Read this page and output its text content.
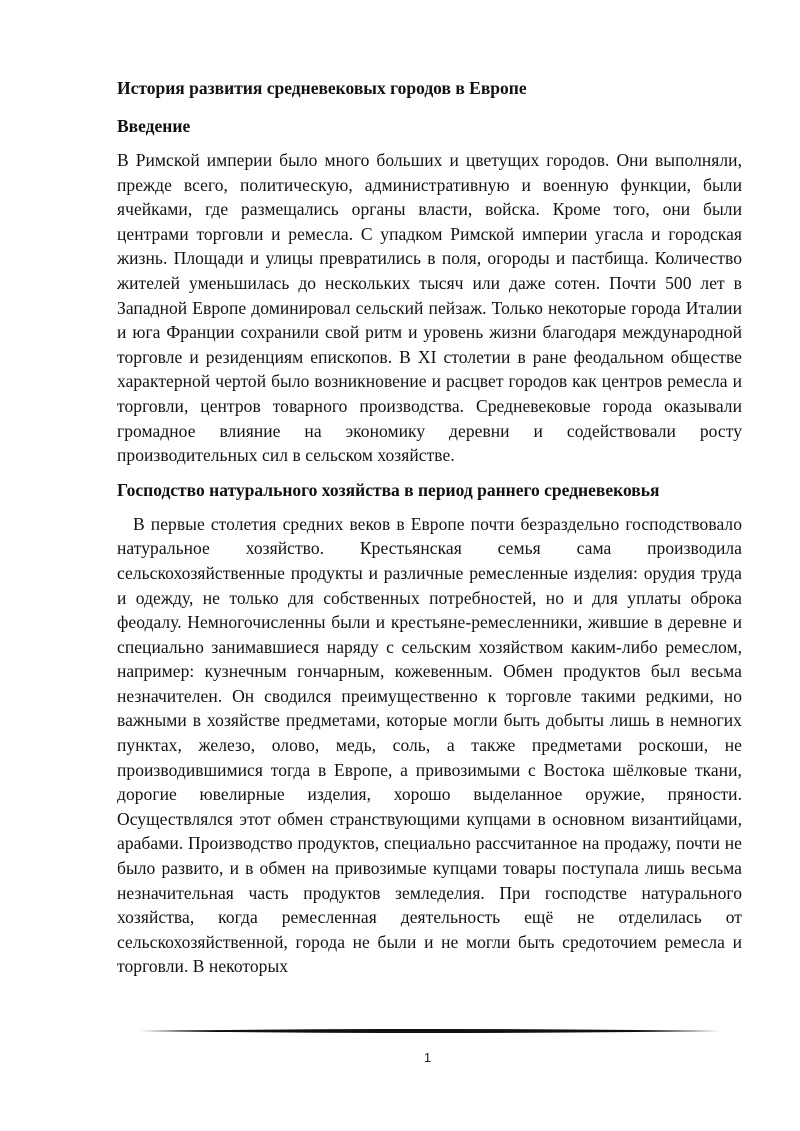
История развития средневековых городов в Европе
Введение

В Римской империи было много больших и цветущих городов. Они выполняли, прежде всего, политическую, административную и военную функции, были ячейками, где размещались органы власти, войска. Кроме того, они были центрами торговли и ремесла. С упадком Римской империи угасла и городская жизнь. Площади и улицы превратились в поля, огороды и пастбища. Количество жителей уменьшилась до нескольких тысяч или даже сотен. Почти 500 лет в Западной Европе доминировал сельский пейзаж. Только некоторые города Италии и юга Франции сохранили свой ритм и уровень жизни благодаря международной торговле и резиденциям епископов. В XI столетии в ране феодальном обществе характерной чертой было возникновение и расцвет городов как центров ремесла и торговли, центров товарного производства. Средневековые города оказывали громадное влияние на экономику деревни и содействовали росту производительных сил в сельском хозяйстве.

Господство натурального хозяйства в период раннего средневековья

В первые столетия средних веков в Европе почти безраздельно господствовало натуральное хозяйство. Крестьянская семья сама производила сельскохозяйственные продукты и различные ремесленные изделия: орудия труда и одежду, не только для собственных потребностей, но и для уплаты оброка феодалу. Немногочисленны были и крестьяне-ремесленники, жившие в деревне и специально занимавшиеся наряду с сельским хозяйством каким-либо ремеслом, например: кузнечным гончарным, кожевенным. Обмен продуктов был весьма незначителен. Он сводился преимущественно к торговле такими редкими, но важными в хозяйстве предметами, которые могли быть добыты лишь в немногих пунктах, железо, олово, медь, соль, а также предметами роскоши, не производившимися тогда в Европе, а привозимыми с Востока шёлковые ткани, дорогие ювелирные изделия, хорошо выделанное оружие, пряности. Осуществлялся этот обмен странствующими купцами в основном византийцами, арабами. Производство продуктов, специально рассчитанное на продажу, почти не было развито, и в обмен на привозимые купцами товары поступала лишь весьма незначительная часть продуктов земледелия. При господстве натурального хозяйства, когда ремесленная деятельность ещё не отделилась от сельскохозяйственной, города не были и не могли быть средоточием ремесла и торговли. В некоторых

1
